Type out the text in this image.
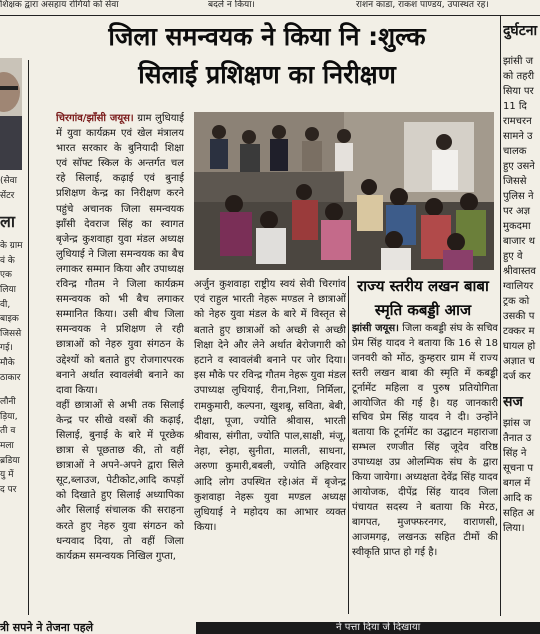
शिक्षक द्वारा असहाय रोगियों को सेवा	बदले न किया।	राशन काडा, राकश पाण्डय, उपास्थत रह।
जिला समन्वयक ने किया नि :शुल्क
सिलाई प्रशिक्षण का निरीक्षण
(सेवा
सेंटर
ला
के ग्राम
वं के
एक
लिया
वी,
बाइक
जिससे
गई।
मौके
ठाकार
लौनी
ड़िया,
ती व
मला
ब्रडिया
यु में
द पर

चिरगांव/झाँसी जयूस। ग्राम लुधियाई में युवा कार्यक्रम एवं खेल मंत्रालय भारत सरकार के बुनियादी शिक्षा एवं सॉफ्ट स्किल के अन्तर्गत चल रहे सिलाई, कढ़ाई एवं बुनाई प्रशिक्षण केन्द्र का निरीक्षण करने पहुंचे अचानक जिला समन्वयक झाँसी देवराज सिंह का स्वागत बृजेन्द्र कुशवाहा युवा मंडल अध्यक्ष लुधियाई ने जिला समन्वयक का बैच लगाकर सम्मान किया और उपाध्यक्ष रविन्द्र गौतम ने जिला कार्यक्रम समन्वयक को भी बैच लगाकर सम्मानित किया। उसी बीच जिला समन्वयक ने प्रशिक्षण ले रही छात्राओं को नेहरु युवा संगठन के उद्देश्यों को बताते हुए रोजगारपरक बनाने अर्थात स्वावलंबी बनाने का दावा किया।

वहीं छात्राओं से अभी तक सिलाई केन्द्र पर सीखे वस्त्रों की कढ़ाई, सिलाई, बुनाई के बारे में पूरछेक छात्रा से पूछताछ की, तो वहीं छात्राओं ने अपने-अपने द्वारा सिले सूट,ब्लाउज, पेटीकोट,आदि कपड़ों को दिखाते हुए सिलाई अध्यापिका और सिलाई संचालक की सराहना करते हुए नेहरु युवा संगठन को धन्यवाद दिया, तो वहीं जिला कार्यक्रम समन्वयक निखिल गुप्ता,

अर्जुन कुशवाहा राष्ट्रीय स्वयं सेवी चिरगांव एवं राहुल भारती नेहरू मण्डल ने छात्राओं को नेहरु युवा मंडल के बारे में विस्तृत से बताते हुए छात्राओं को अच्छी से अच्छी शिक्षा देने और लेने अर्थात बेरोजगारी को हटाने व स्वावलंबी बनाने पर जोर दिया। इस मौके पर रविन्द्र गौतम नेहरू युवा मंडल उपाध्यक्ष लुधियाई, रीना,निशा, निर्मिला, रामकुमारी, कल्पना, खुशबू, सविता, बेबी, दीक्षा, पूजा, ज्योति श्रीवास, भारती श्रीवास, संगीता, ज्योति पाल,साक्षी, मंजू, नेहा, स्नेहा, सुनीता, मालती, साधना, अरुणा कुमारी,बबली, ज्योति अहिरवार आदि लोग उपस्थित रहे।अंत में बृजेन्द्र कुशवाहा नेहरू युवा मण्डल अध्यक्ष लुधियाई ने महोदय का आभार व्यक्त किया।

राज्य स्तरीय लखन बाबा स्मृति कबड्डी आज

झांसी जयूस। जिला कबड्डी संघ के सचिव प्रेम सिंह यादव ने बताया कि 16 से 18 जनवरी को मोंठ, कुम्हरार ग्राम में राज्य स्तरी लखन बाबा की स्मृति में कबड्डी टूर्नामेंट महिला व पुरुष प्रतियोगिता आयोजित की गई है। यह जानकारी सचिव प्रेम सिंह यादव ने दी। उन्होंने बताया कि टूर्नामेंट का उद्घाटन महाराजा सम्भल रणजीत सिंह जूदेव वरिष्ठ उपाध्यक्ष उप्र ओलम्पिक संघ के द्वारा किया जायेगा। अध्यक्षता देवेंद्र सिंह यादव आयोजक, दीपेंद्र सिंह यादव जिला पंचायत सदस्य ने बताया कि मेरठ, बागपत, मुजफ्फरनगर, वाराणसी, आजमगढ़, लखनऊ सहित टीमों की स्वीकृति प्राप्त हो गई है।

दुर्घटना
झांसी ज
को तहरी
सिया पर
11 दि
रामचरन
सामने उ
चालक
हुए उसने
जिससे
पुलिस ने
पर अज्ञ
मुकदमा
बाजार थ
हुए वे
श्रीवास्तव
ग्वालियर
ट्रक को
उसकी प
टक्कर म
घायल हो
अज्ञात च
दर्ज कर
सज
झांस ज
तैनात उ
सिंह ने
सूचना प
बगल में
आदि क
सहित अ
लिया।
त्री सपने ने तेजना पहले	ने पत्ता दिया जे दिखाया
